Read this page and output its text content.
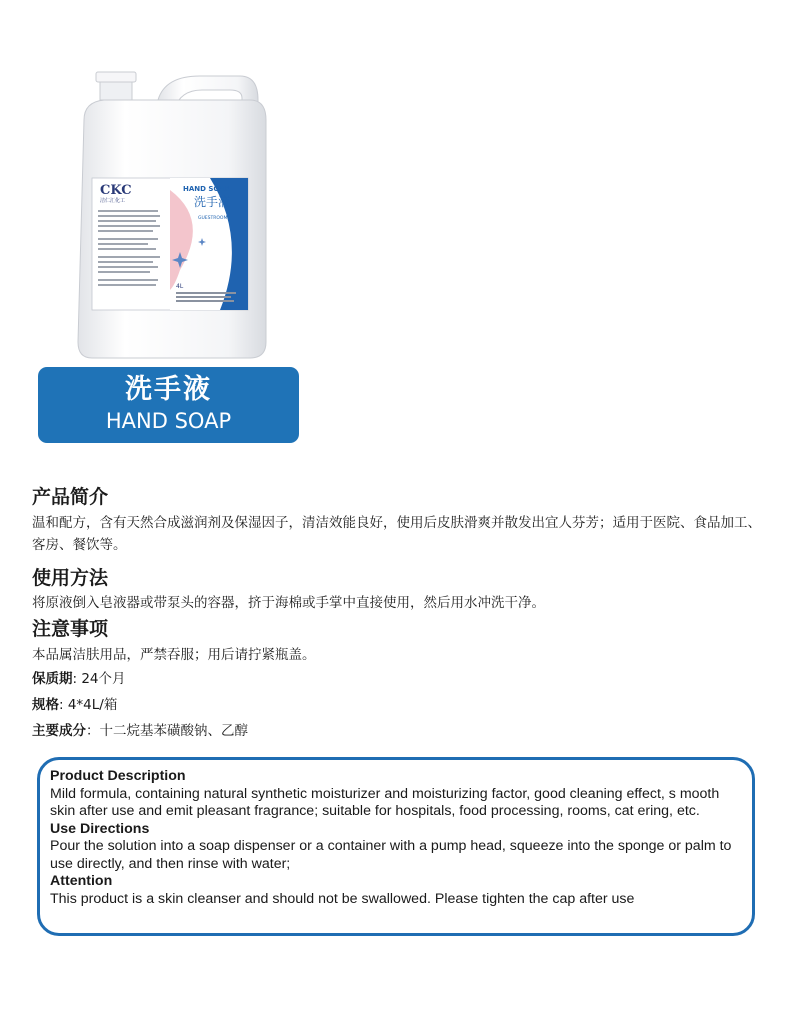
CKC
洁仁汇化工
HAND SOAP
洗手液
GUESTROOM
4L
洗手液
HAND SOAP
产品简介

温和配方，含有天然合成滋润剂及保湿因子，清洁效能良好，使用后皮肤滑爽并散发出宜人芬芳；适用于医院、食品加工、客房、餐饮等。

使用方法

将原液倒入皂液器或带泵头的容器，挤于海棉或手掌中直接使用，然后用水冲洗干净。

注意事项

本品属洁肤用品，严禁吞服；用后请拧紧瓶盖。

保质期: 24个月

规格: 4*4L/箱

主要成分：十二烷基苯磺酸钠、乙醇

Product Description

Mild formula, containing natural synthetic moisturizer and moisturizing factor, good cleaning effect, s mooth skin after use and emit pleasant fragrance; suitable for hospitals, food processing, rooms, cat ering, etc.

Use Directions

Pour the solution into a soap dispenser or a container with a pump head, squeeze into the sponge or palm to use directly, and then rinse with water;

Attention

This product is a skin cleanser and should not be swallowed. Please tighten the cap after use
